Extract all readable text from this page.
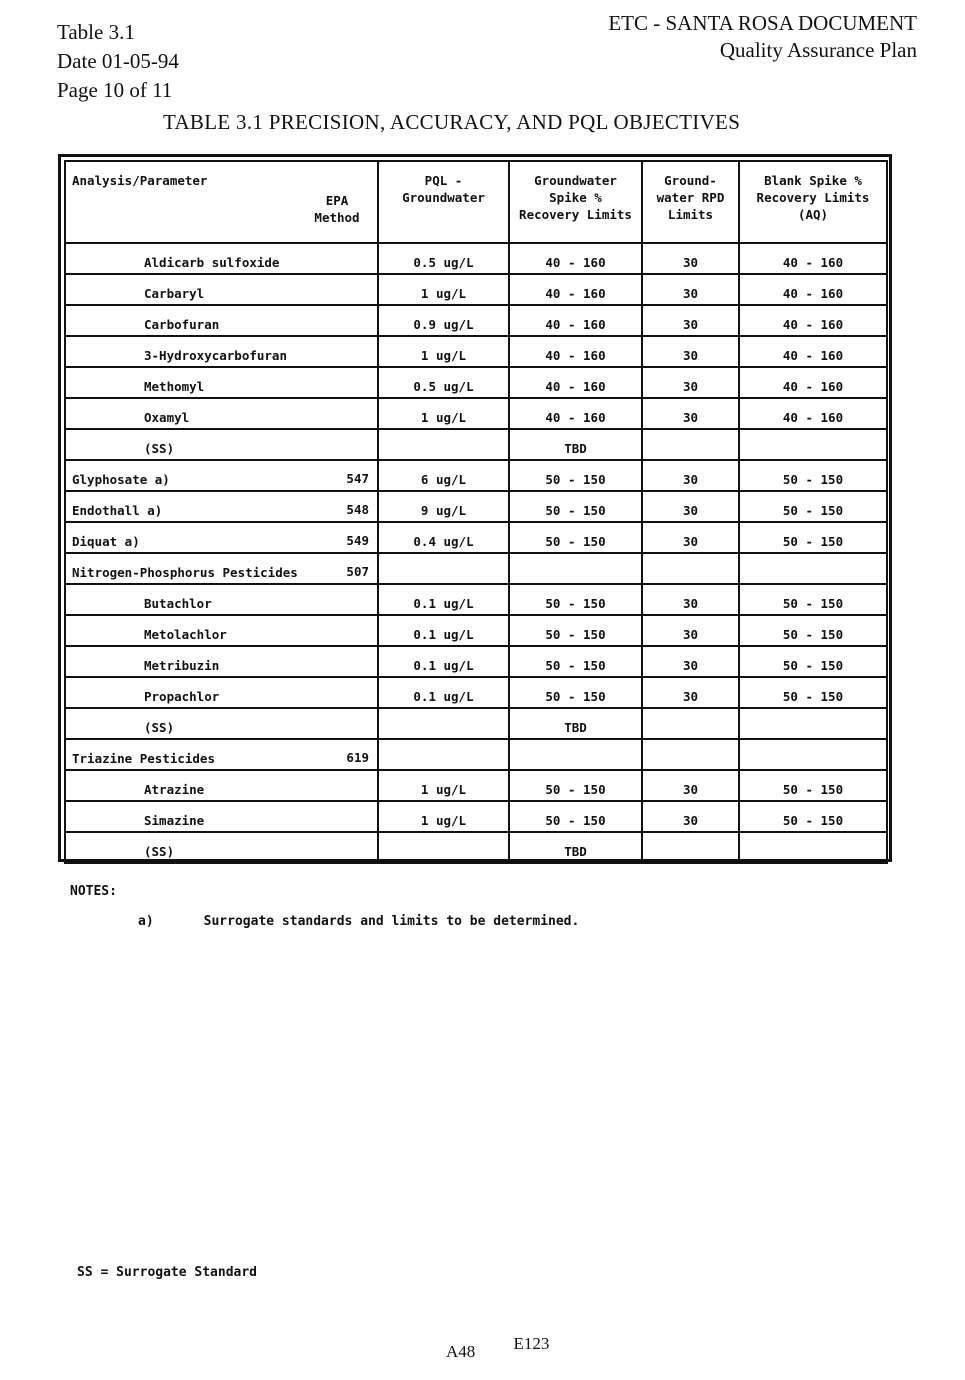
Table 3.1
Date 01-05-94
Page 10 of 11
ETC - SANTA ROSA DOCUMENT
Quality Assurance Plan
TABLE 3.1 PRECISION, ACCURACY, AND PQL OBJECTIVES
Analysis/Parameter
EPA Method	PQL - Groundwater	Groundwater Spike % Recovery Limits	Ground-water RPD Limits	Blank Spike % Recovery Limits (AQ)
Aldicarb sulfoxide	0.5 ug/L	40 - 160	30	40 - 160
Carbaryl	1 ug/L	40 - 160	30	40 - 160
Carbofuran	0.9 ug/L	40 - 160	30	40 - 160
3-Hydroxycarbofuran	1 ug/L	40 - 160	30	40 - 160
Methomyl	0.5 ug/L	40 - 160	30	40 - 160
Oxamyl	1 ug/L	40 - 160	30	40 - 160
(SS)		TBD		
Glyphosate a) 547	6 ug/L	50 - 150	30	50 - 150
Endothall a) 548	9 ug/L	50 - 150	30	50 - 150
Diquat a) 549	0.4 ug/L	50 - 150	30	50 - 150
Nitrogen-Phosphorus Pesticides 507				

Butachlor	0.1 ug/L	50 - 150	30	50 - 150
Metolachlor	0.1 ug/L	50 - 150	30	50 - 150
Metribuzin	0.1 ug/L	50 - 150	30	50 - 150
Propachlor	0.1 ug/L	50 - 150	30	50 - 150
(SS)		TBD		
Triazine Pesticides 619				

Atrazine	1 ug/L	50 - 150	30	50 - 150
Simazine	1 ug/L	50 - 150	30	50 - 150
(SS)		TBD		
NOTES:
a)	Surrogate standards and limits to be determined.
SS = Surrogate Standard
A48 E123
